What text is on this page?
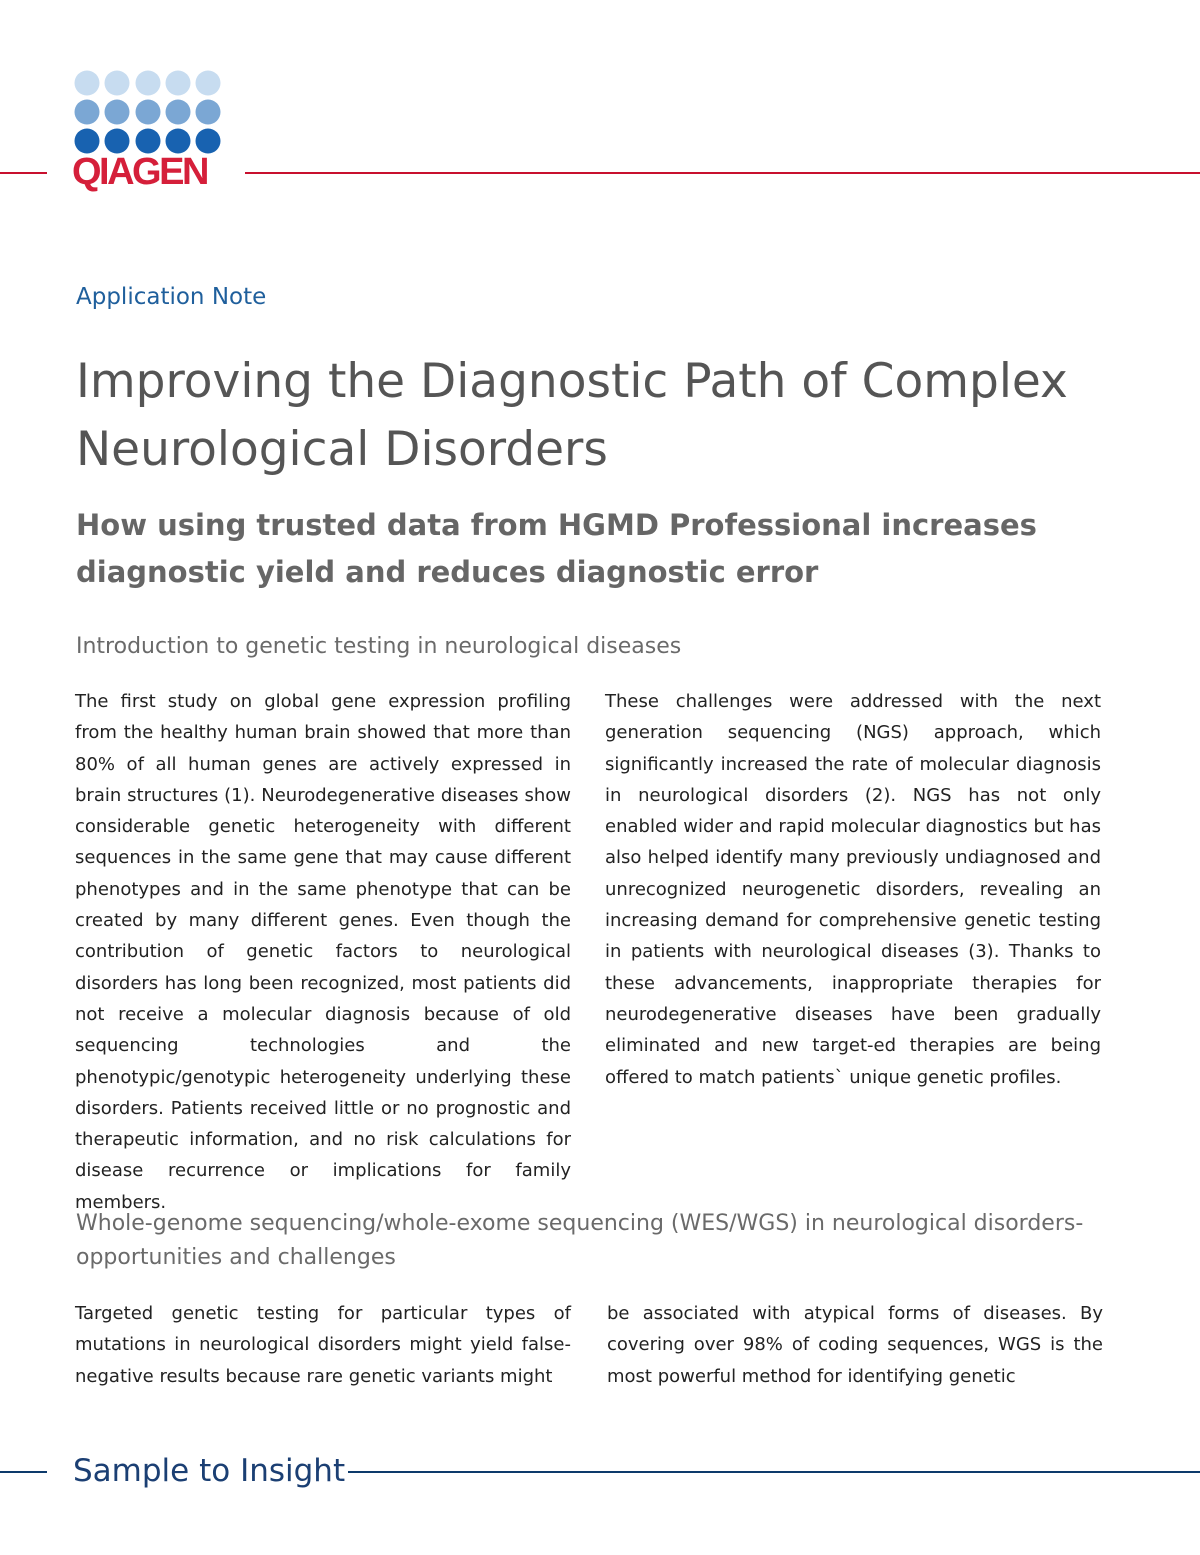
QIAGEN
Application Note
Improving the Diagnostic Path of Complex Neurological Disorders
How using trusted data from HGMD Professional increases diagnostic yield and reduces diagnostic error
Introduction to genetic testing in neurological diseases

The first study on global gene expression profiling from the healthy human brain showed that more than 80% of all human genes are actively expressed in brain structures (1). Neurodegenerative diseases show considerable genetic heterogeneity with different sequences in the same gene that may cause different phenotypes and in the same phenotype that can be created by many different genes. Even though the contribution of genetic factors to neurological disorders has long been recognized, most patients did not receive a molecular diagnosis because of old sequencing technologies and the phenotypic/genotypic heterogeneity underlying these disorders. Patients received little or no prognostic and therapeutic information, and no risk calculations for disease recurrence or implications for family members.

These challenges were addressed with the next generation sequencing (NGS) approach, which significantly increased the rate of molecular diagnosis in neurological disorders (2). NGS has not only enabled wider and rapid molecular diagnostics but has also helped identify many previously undiagnosed and unrecognized neurogenetic disorders, revealing an increasing demand for comprehensive genetic testing in patients with neurological diseases (3). Thanks to these advancements, inappropriate therapies for neurodegenerative diseases have been gradually eliminated and new target-ed therapies are being offered to match patients` unique genetic profiles.

Whole-genome sequencing/whole-exome sequencing (WES/WGS) in neurological disorders- opportunities and challenges

Targeted genetic testing for particular types of mutations in neurological disorders might yield false-negative results because rare genetic variants might

be associated with atypical forms of diseases. By covering over 98% of coding sequences, WGS is the most powerful method for identifying genetic

Sample to Insight
